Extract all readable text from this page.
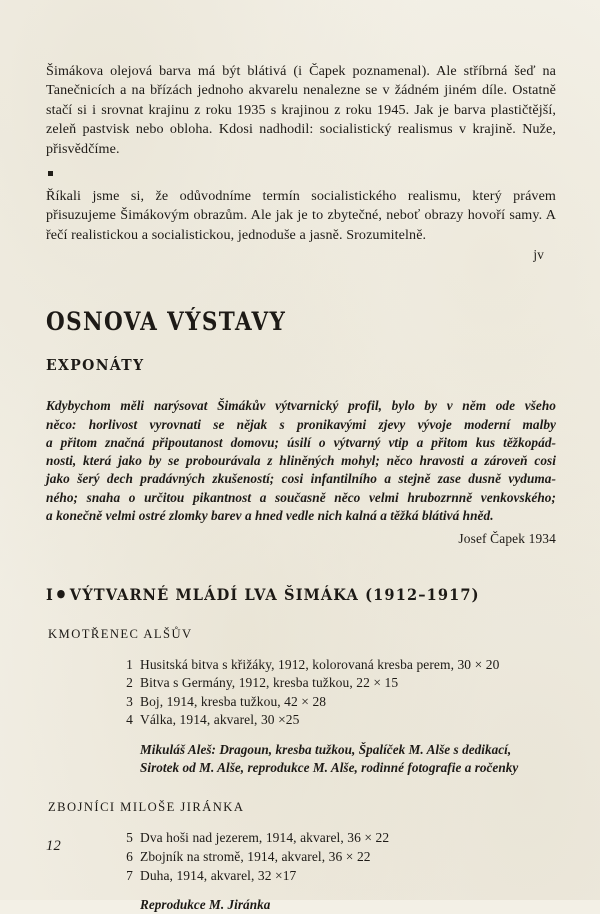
Šimákova olejová barva má být blátivá (i Čapek poznamenal). Ale stříbrná šeď na Tanečnicích a na břízách jednoho akvarelu nenalezne se v žádném jiném díle. Ostatně stačí si i srovnat krajinu z roku 1935 s krajinou z roku 1945. Jak je barva plastičtější, zeleň pastvisk nebo obloha. Kdosi nadhodil: socialistický realismus v krajině. Nuže, přisvědčíme.

Říkali jsme si, že odůvodníme termín socialistického realismu, který právem přisuzujeme Šimákovým obrazům. Ale jak je to zbytečné, neboť obrazy hovoří samy. A řečí realistickou a socialistickou, jednoduše a jasně. Srozumitelně.

jv
OSNOVA VÝSTAVY
EXPONÁTY
Kdybychom měli narýsovat Šimákův výtvarnický profil, bylo by v něm ode všeho
něco: horlivost vyrovnati se nějak s pronikavými zjevy vývoje moderní malby
a přitom značná připoutanost domovu; úsilí o výtvarný vtip a přitom kus těžkopád-
nosti, která jako by se probourávala z hliněných mohyl; něco hravosti a zároveň cosi
jako šerý dech pradávných zkušeností; cosi infantilního a stejně zase dusně vyduma-
ného; snaha o určitou pikantnost a současně něco velmi hrubozrnně venkovského;
a konečně velmi ostré zlomky barev a hned vedle nich kalná a těžká blátivá hněd.
Josef Čapek 1934
I ● VÝTVARNÉ MLÁDÍ LVA ŠIMÁKA (1912–1917)
KMOTŘENEC ALŠŮV
1 Husitská bitva s křižáky, 1912, kolorovaná kresba perem, 30 × 20
2 Bitva s Germány, 1912, kresba tužkou, 22 × 15
3 Boj, 1914, kresba tužkou, 42 × 28
4 Válka, 1914, akvarel, 30 ×25
Mikuláš Aleš: Dragoun, kresba tužkou, Špalíček M. Alše s dedikací,
Sirotek od M. Alše, reprodukce M. Alše, rodinné fotografie a ročenky
ZBOJNÍCI MILOŠE JIRÁNKA
5 Dva hoši nad jezerem, 1914, akvarel, 36 × 22
6 Zbojník na stromě, 1914, akvarel, 36 × 22
7 Duha, 1914, akvarel, 32 ×17
Reprodukce M. Jiránka
12
